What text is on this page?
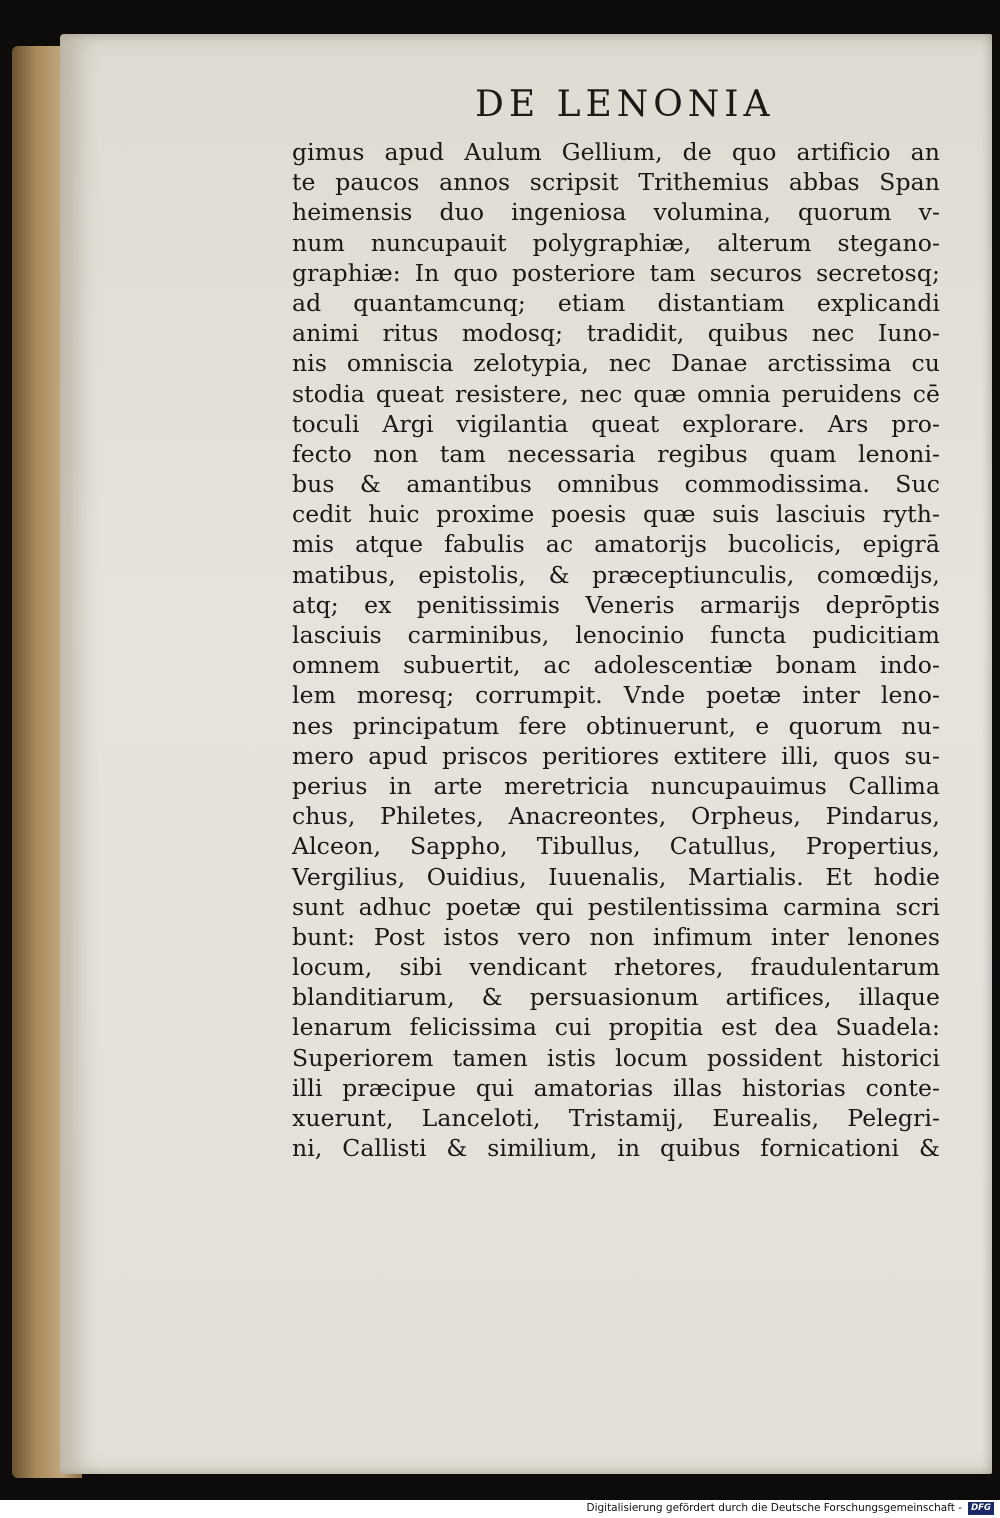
DE LENONIA
gimus apud Aulum Gellium, de quo artificio an
te paucos annos scripsit Trithemius abbas Span
heimensis duo ingeniosa volumina, quorum v-
num nuncupauit polygraphiæ, alterum stegano-
graphiæ: In quo posteriore tam securos secretosq;
ad quantamcunq; etiam distantiam explicandi
animi ritus modosq; tradidit, quibus nec Iuno-
nis omniscia zelotypia, nec Danae arctissima cu
stodia queat resistere, nec quæ omnia peruidens cē
toculi Argi vigilantia queat explorare. Ars pro-
fecto non tam necessaria regibus quam lenoni-
bus & amantibus omnibus commodissima. Suc
cedit huic proxime poesis quæ suis lasciuis ryth-
mis atque fabulis ac amatorijs bucolicis, epigrā
matibus, epistolis, & præceptiunculis, comœdijs,
atq; ex penitissimis Veneris armarijs deprōptis
lasciuis carminibus, lenocinio functa pudicitiam
omnem subuertit, ac adolescentiæ bonam indo-
lem moresq; corrumpit. Vnde poetæ inter leno-
nes principatum fere obtinuerunt, e quorum nu-
mero apud priscos peritiores extitere illi, quos su-
perius in arte meretricia nuncupauimus Callima
chus, Philetes, Anacreontes, Orpheus, Pindarus,
Alceon, Sappho, Tibullus, Catullus, Propertius,
Vergilius, Ouidius, Iuuenalis, Martialis. Et hodie
sunt adhuc poetæ qui pestilentissima carmina scri
bunt: Post istos vero non infimum inter lenones
locum, sibi vendicant rhetores, fraudulentarum
blanditiarum, & persuasionum artifices, illaque
lenarum felicissima cui propitia est dea Suadela:
Superiorem tamen istis locum possident historici
illi præcipue qui amatorias illas historias conte-
xuerunt, Lanceloti, Tristamij, Eurealis, Pelegri-
ni, Callisti & similium, in quibus fornicationi &
Digitalisierung gefördert durch die Deutsche Forschungsgemeinschaft -	DFG
